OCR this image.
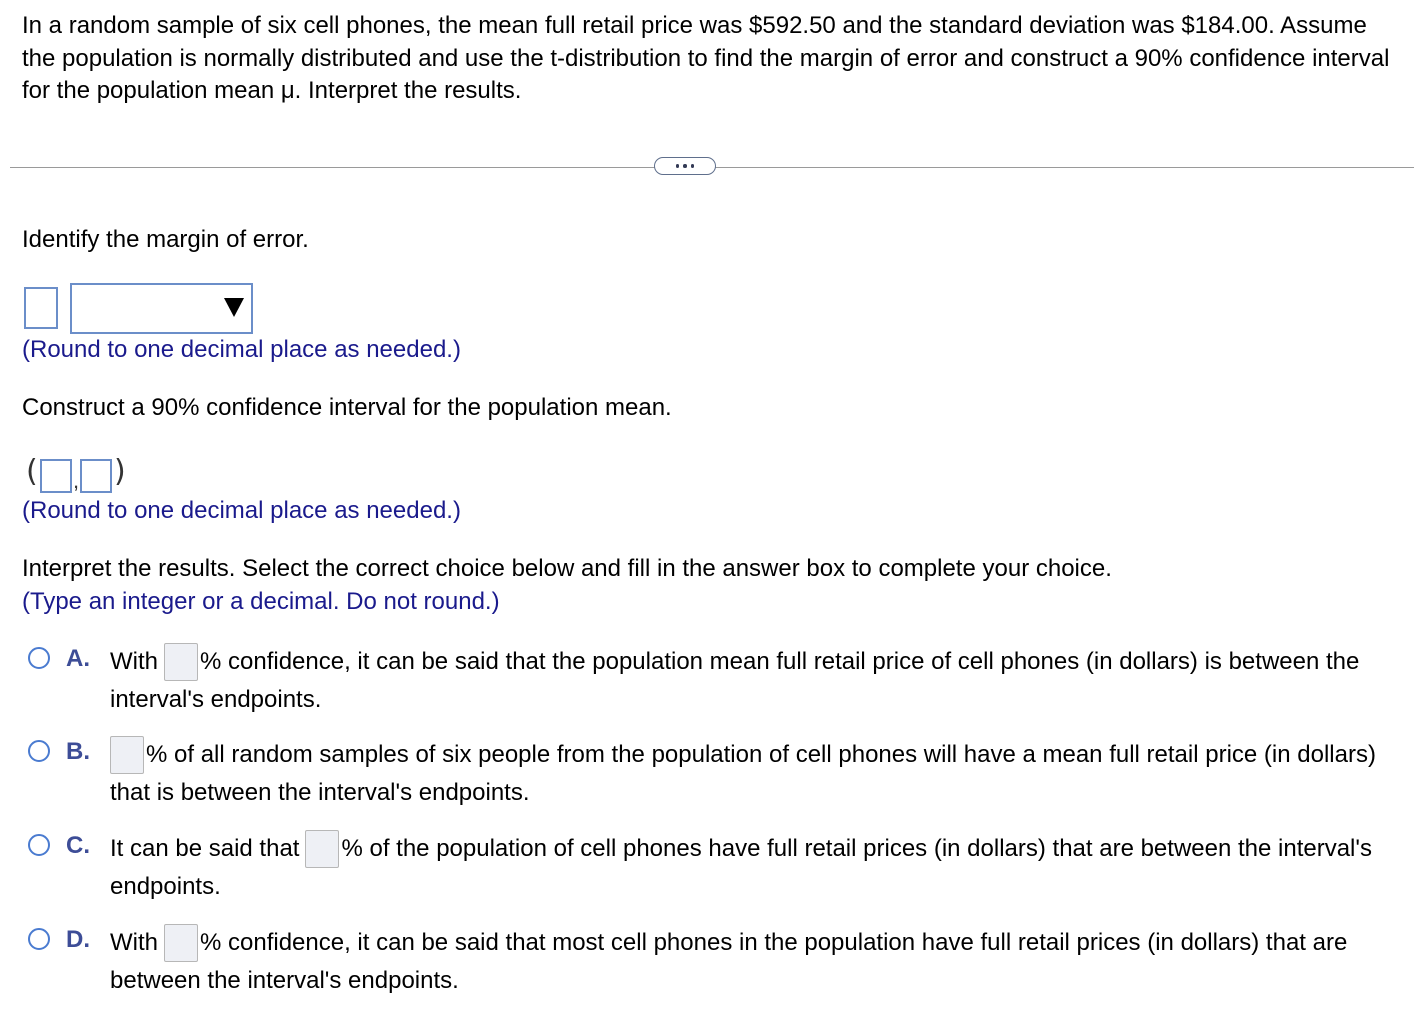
In a random sample of six cell phones, the mean full retail price was $592.50 and the standard deviation was $184.00. Assume the population is normally distributed and use the t-distribution to find the margin of error and construct a 90% confidence interval for the population mean μ. Interpret the results.

Identify the margin of error.

(Round to one decimal place as needed.)

Construct a 90% confidence interval for the population mean.

( , )

(Round to one decimal place as needed.)

Interpret the results. Select the correct choice below and fill in the answer box to complete your choice.

(Type an integer or a decimal. Do not round.)

A. With % confidence, it can be said that the population mean full retail price of cell phones (in dollars) is between the interval's endpoints.

B.	% of all random samples of six people from the population of cell phones will have a mean full retail price (in dollars) that is between the interval's endpoints.

C. It can be said that % of the population of cell phones have full retail prices (in dollars) that are between the interval's endpoints.

D. With % confidence, it can be said that most cell phones in the population have full retail prices (in dollars) that are between the interval's endpoints.
